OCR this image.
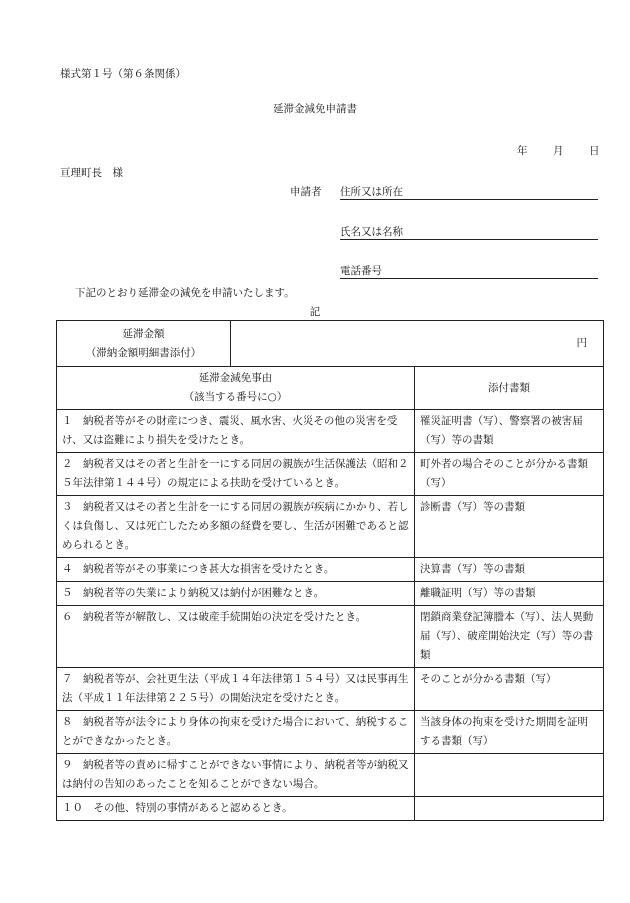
様式第１号（第６条関係）
延滞金減免申請書
年 月 日
亘理町長　様
申請者 住所又は所在
氏名又は名称
電話番号
下記のとおり延滞金の減免を申請いたします。
記
延滞金額
（滞納金額明細書添付）	円	

延滞金減免事由
（該当する番号に○）		添付書類
１　納税者等がその財産につき、震災、風水害、火災その他の災害を受け、又は盗難により損失を受けたとき。		罹災証明書（写）、警察署の被害届（写）等の書類
２　納税者又はその者と生計を一にする同居の親族が生活保護法（昭和２５年法律第１４４号）の規定による扶助を受けているとき。		町外者の場合そのことが分かる書類（写）
３　納税者又はその者と生計を一にする同居の親族が疾病にかかり、若しくは負傷し、又は死亡したため多額の経費を要し、生活が困難であると認められるとき。		診断書（写）等の書類
４　納税者等がその事業につき甚大な損害を受けたとき。		決算書（写）等の書類
５　納税者等の失業により納税又は納付が困難なとき。		離職証明（写）等の書類
６　納税者等が解散し、又は破産手続開始の決定を受けたとき。		閉鎖商業登記簿謄本（写）、法人異動届（写）、破産開始決定（写）等の書類
７　納税者等が、会社更生法（平成１４年法律第１５４号）又は民事再生法（平成１１年法律第２２５号）の開始決定を受けたとき。		そのことが分かる書類（写）
８　納税者等が法令により身体の拘束を受けた場合において、納税することができなかったとき。		当該身体の拘束を受けた期間を証明する書類（写）
９　納税者等の責めに帰すことができない事情により、納税者等が納税又は納付の告知のあったことを知ることができない場合。		
１０　その他、特別の事情があると認めるとき。		
